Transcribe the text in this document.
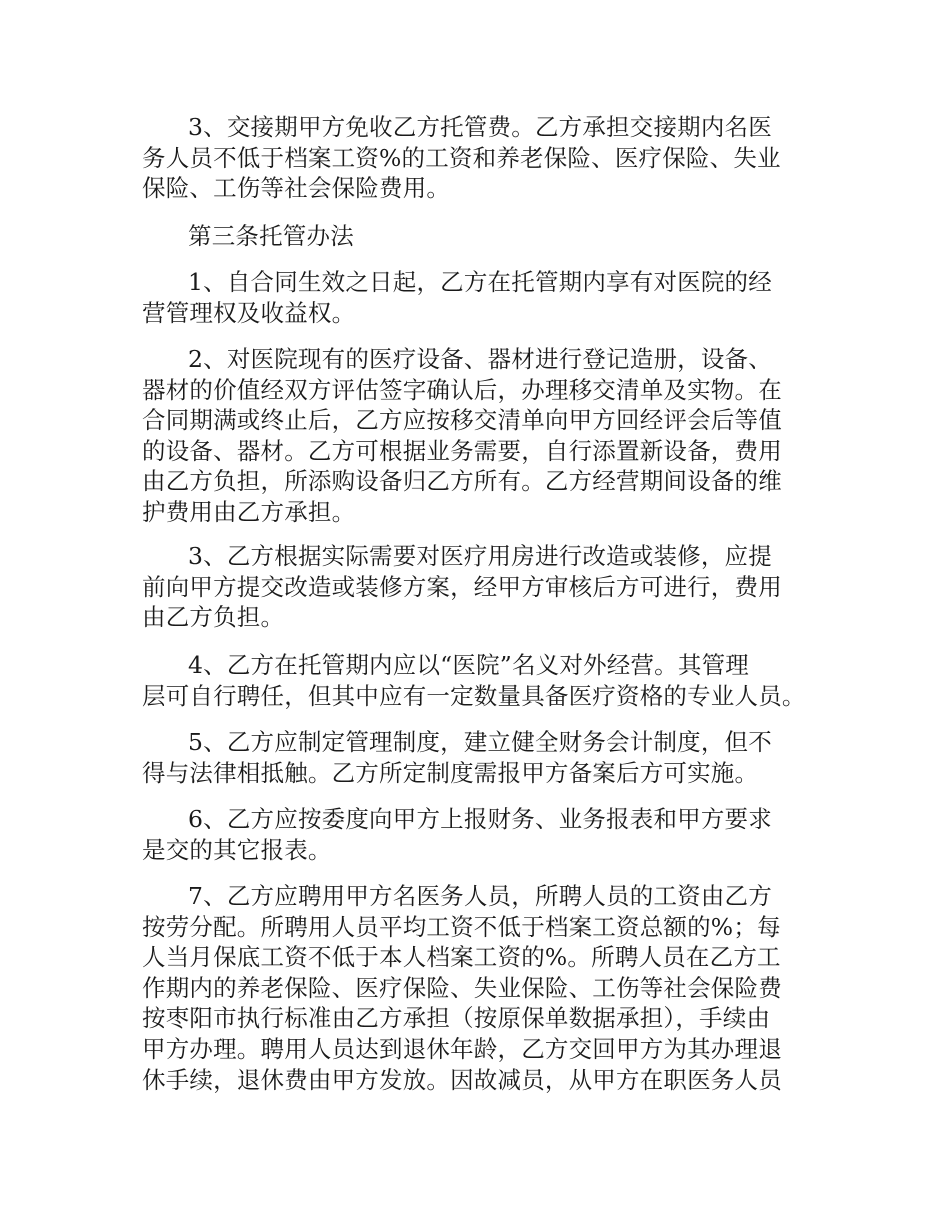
3、交接期甲方免收乙方托管费。乙方承担交接期内名医
务人员不低于档案工资%的工资和养老保险、医疗保险、失业
保险、工伤等社会保险费用。
第三条托管办法
1、自合同生效之日起，乙方在托管期内享有对医院的经
营管理权及收益权。
2、对医院现有的医疗设备、器材进行登记造册，设备、
器材的价值经双方评估签字确认后，办理移交清单及实物。在
合同期满或终止后，乙方应按移交清单向甲方回经评会后等值
的设备、器材。乙方可根据业务需要，自行添置新设备，费用
由乙方负担，所添购设备归乙方所有。乙方经营期间设备的维
护费用由乙方承担。
3、乙方根据实际需要对医疗用房进行改造或装修，应提
前向甲方提交改造或装修方案，经甲方审核后方可进行，费用
由乙方负担。
4、乙方在托管期内应以“医院”名义对外经营。其管理
层可自行聘任，但其中应有一定数量具备医疗资格的专业人员。
5、乙方应制定管理制度，建立健全财务会计制度，但不
得与法律相抵触。乙方所定制度需报甲方备案后方可实施。
6、乙方应按委度向甲方上报财务、业务报表和甲方要求
是交的其它报表。
7、乙方应聘用甲方名医务人员，所聘人员的工资由乙方
按劳分配。所聘用人员平均工资不低于档案工资总额的%；每
人当月保底工资不低于本人档案工资的%。所聘人员在乙方工
作期内的养老保险、医疗保险、失业保险、工伤等社会保险费
按枣阳市执行标准由乙方承担（按原保单数据承担），手续由
甲方办理。聘用人员达到退休年龄，乙方交回甲方为其办理退
休手续，退休费由甲方发放。因故减员，从甲方在职医务人员
